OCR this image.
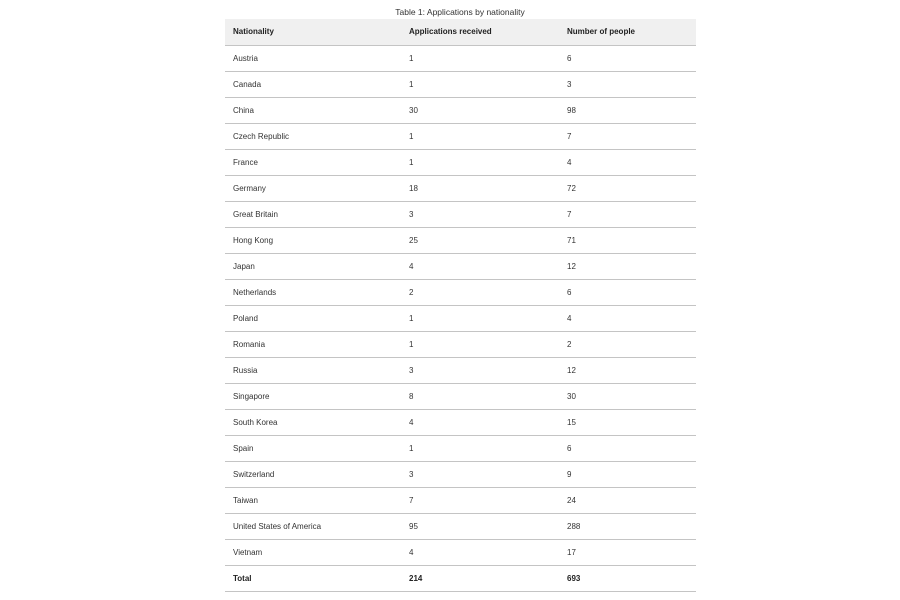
Table 1: Applications by nationality
Nationality	Applications received	Number of people
Austria	1	6
Canada	1	3
China	30	98
Czech Republic	1	7
France	1	4
Germany	18	72
Great Britain	3	7
Hong Kong	25	71
Japan	4	12
Netherlands	2	6
Poland	1	4
Romania	1	2
Russia	3	12
Singapore	8	30
South Korea	4	15
Spain	1	6
Switzerland	3	9
Taiwan	7	24
United States of America	95	288
Vietnam	4	17
Total	214	693
